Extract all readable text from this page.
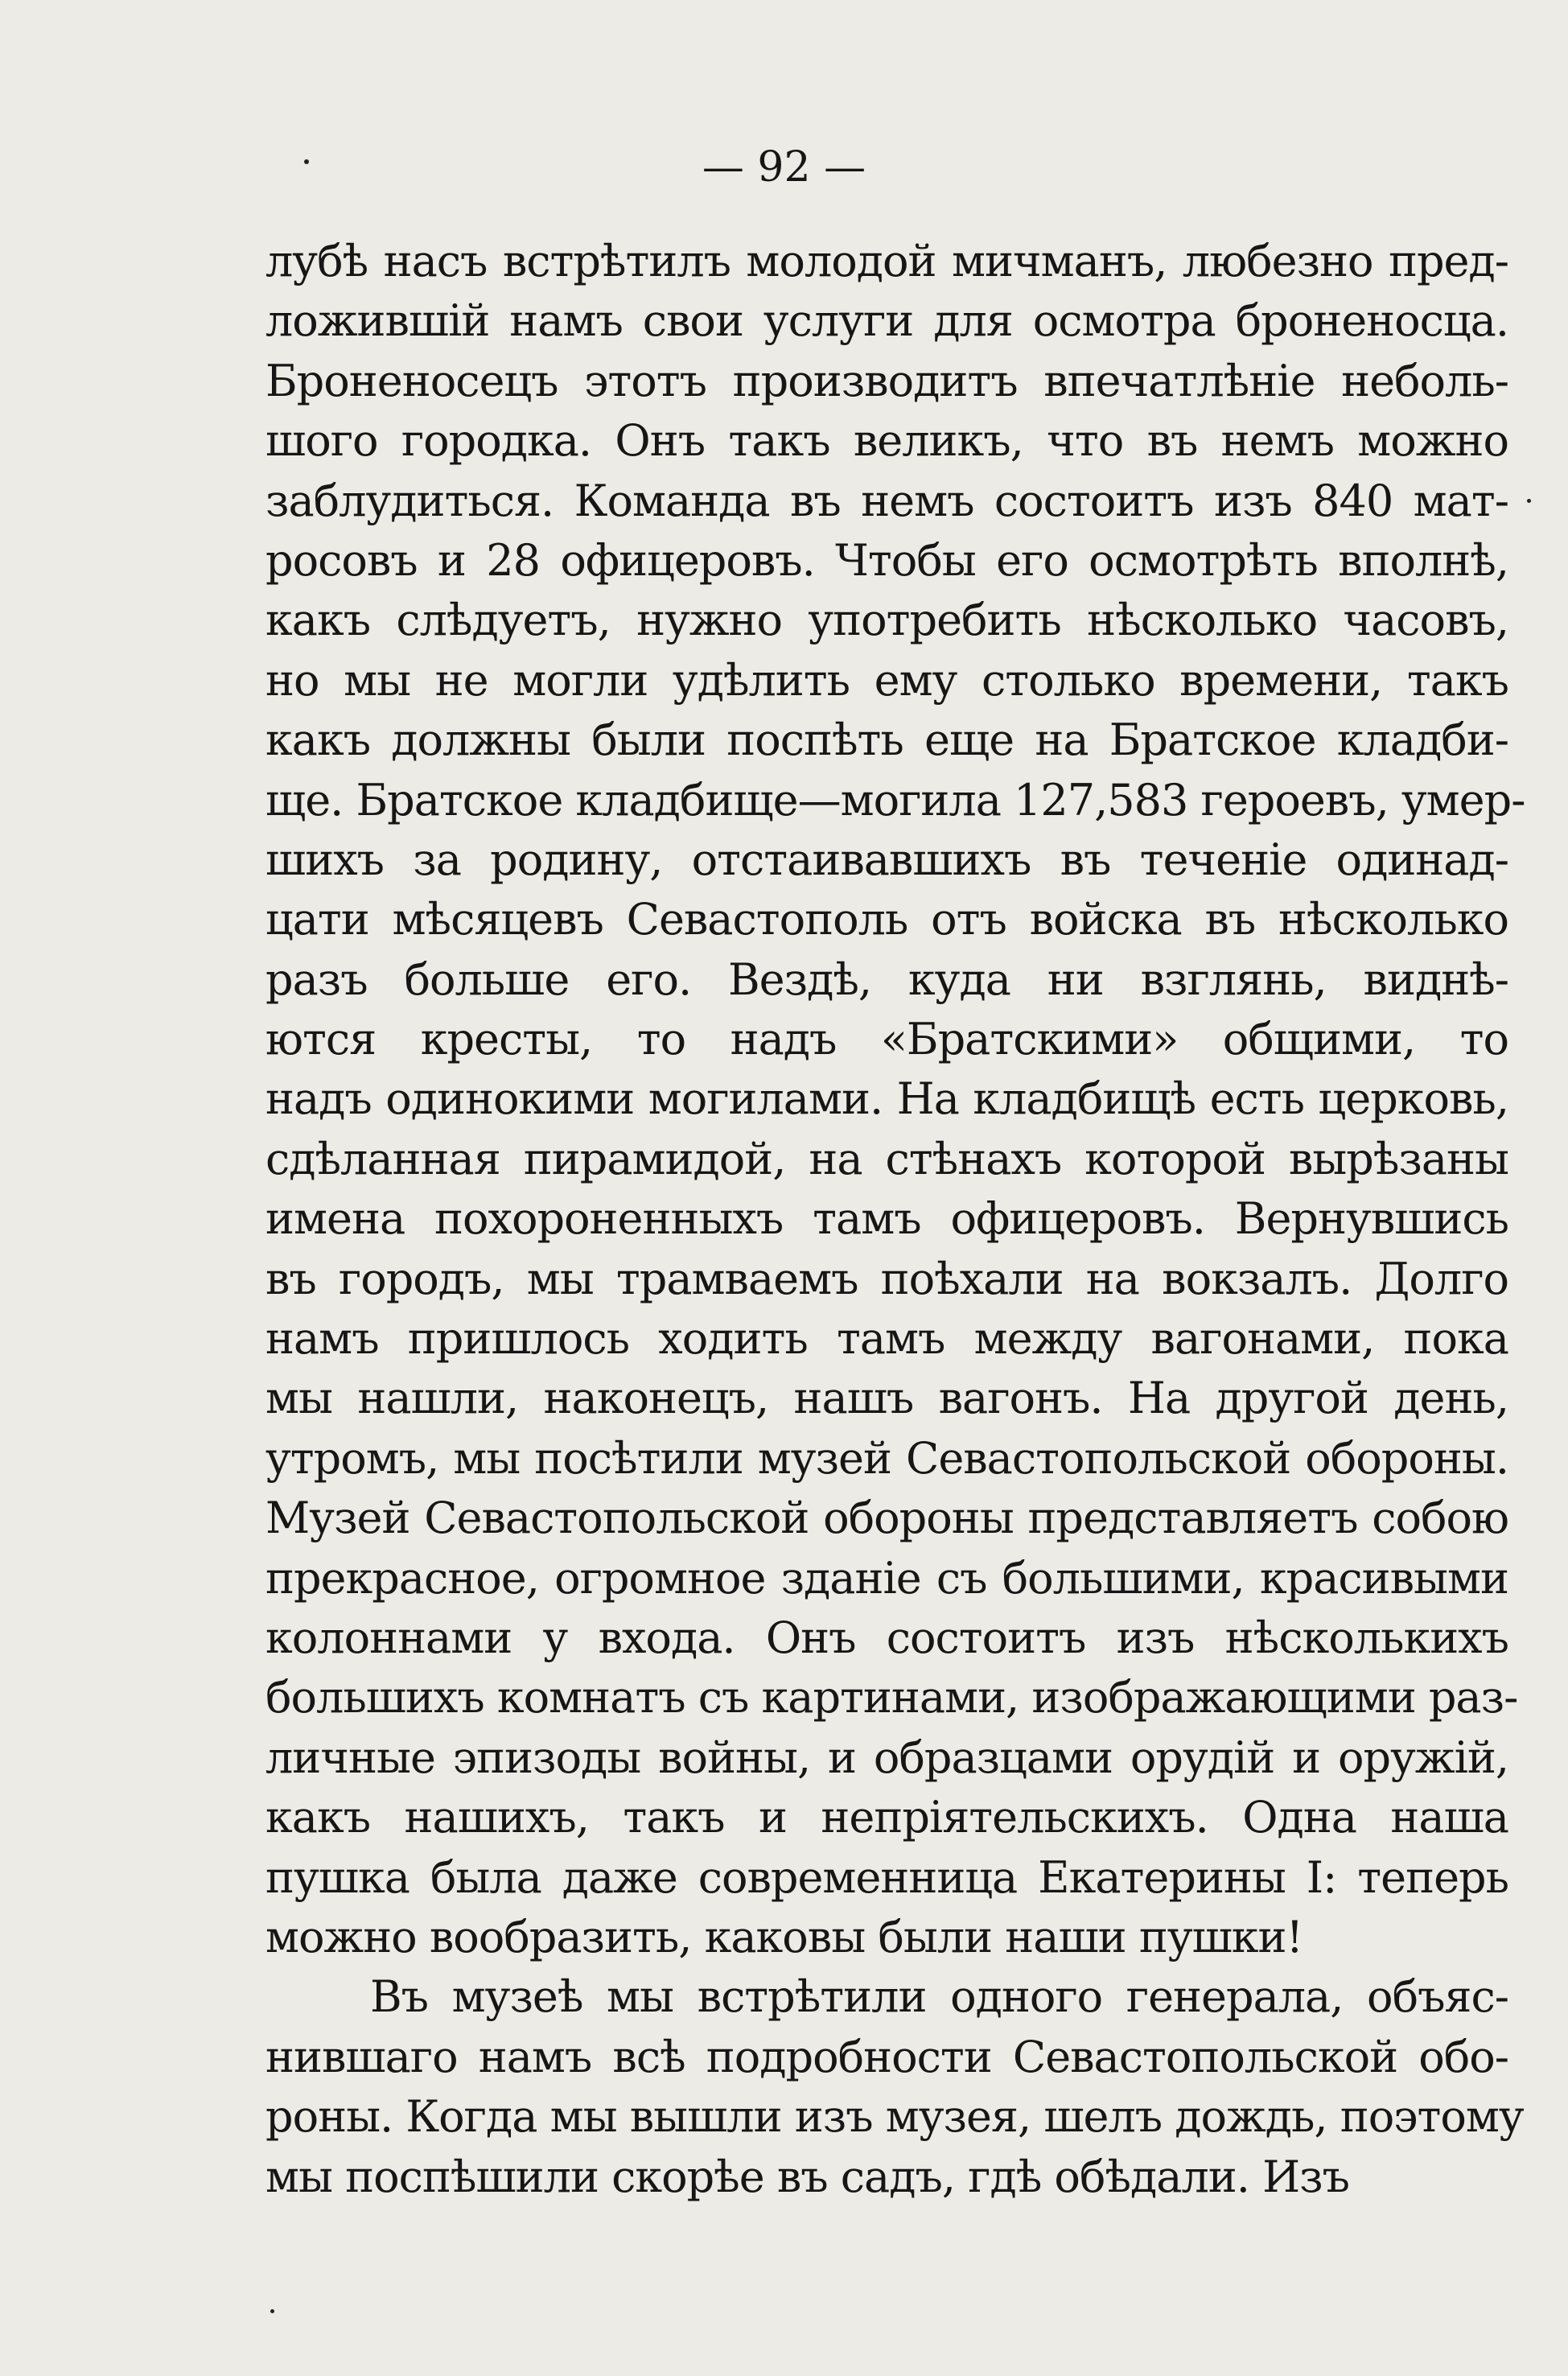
— 92 —
лубѣ насъ встрѣтилъ молодой мичманъ, любезно пред-
ложившій намъ свои услуги для осмотра броненосца.
Броненосецъ этотъ производитъ впечатлѣніе неболь-
шого городка. Онъ такъ великъ, что въ немъ можно
заблудиться. Команда въ немъ состоитъ изъ 840 мат-
росовъ и 28 офицеровъ. Чтобы его осмотрѣть вполнѣ,
какъ слѣдуетъ, нужно употребить нѣсколько часовъ,
но мы не могли удѣлить ему столько времени, такъ
какъ должны были поспѣть еще на Братское кладби-
ще. Братское кладбище—могила 127,583 героевъ, умер-
шихъ за родину, отстаивавшихъ въ теченіе одинад-
цати мѣсяцевъ Севастополь отъ войска въ нѣсколько
разъ больше его. Вездѣ, куда ни взглянь, виднѣ-
ются кресты, то надъ «Братскими» общими, то
надъ одинокими могилами. На кладбищѣ есть церковь,
сдѣланная пирамидой, на стѣнахъ которой вырѣзаны
имена похороненныхъ тамъ офицеровъ. Вернувшись
въ городъ, мы трамваемъ поѣхали на вокзалъ. Долго
намъ пришлось ходить тамъ между вагонами, пока
мы нашли, наконецъ, нашъ вагонъ. На другой день,
утромъ, мы посѣтили музей Севастопольской обороны.
Музей Севастопольской обороны представляетъ собою
прекрасное, огромное зданіе съ большими, красивыми
колоннами у входа. Онъ состоитъ изъ нѣсколькихъ
большихъ комнатъ съ картинами, изображающими раз-
личные эпизоды войны, и образцами орудій и оружій,
какъ нашихъ, такъ и непріятельскихъ. Одна наша
пушка была даже современница Екатерины I: теперь
можно вообразить, каковы были наши пушки!
Въ музеѣ мы встрѣтили одного генерала, объяс-
нившаго намъ всѣ подробности Севастопольской обо-
роны. Когда мы вышли изъ музея, шелъ дождь, поэтому
мы поспѣшили скорѣе въ садъ, гдѣ обѣдали. Изъ
